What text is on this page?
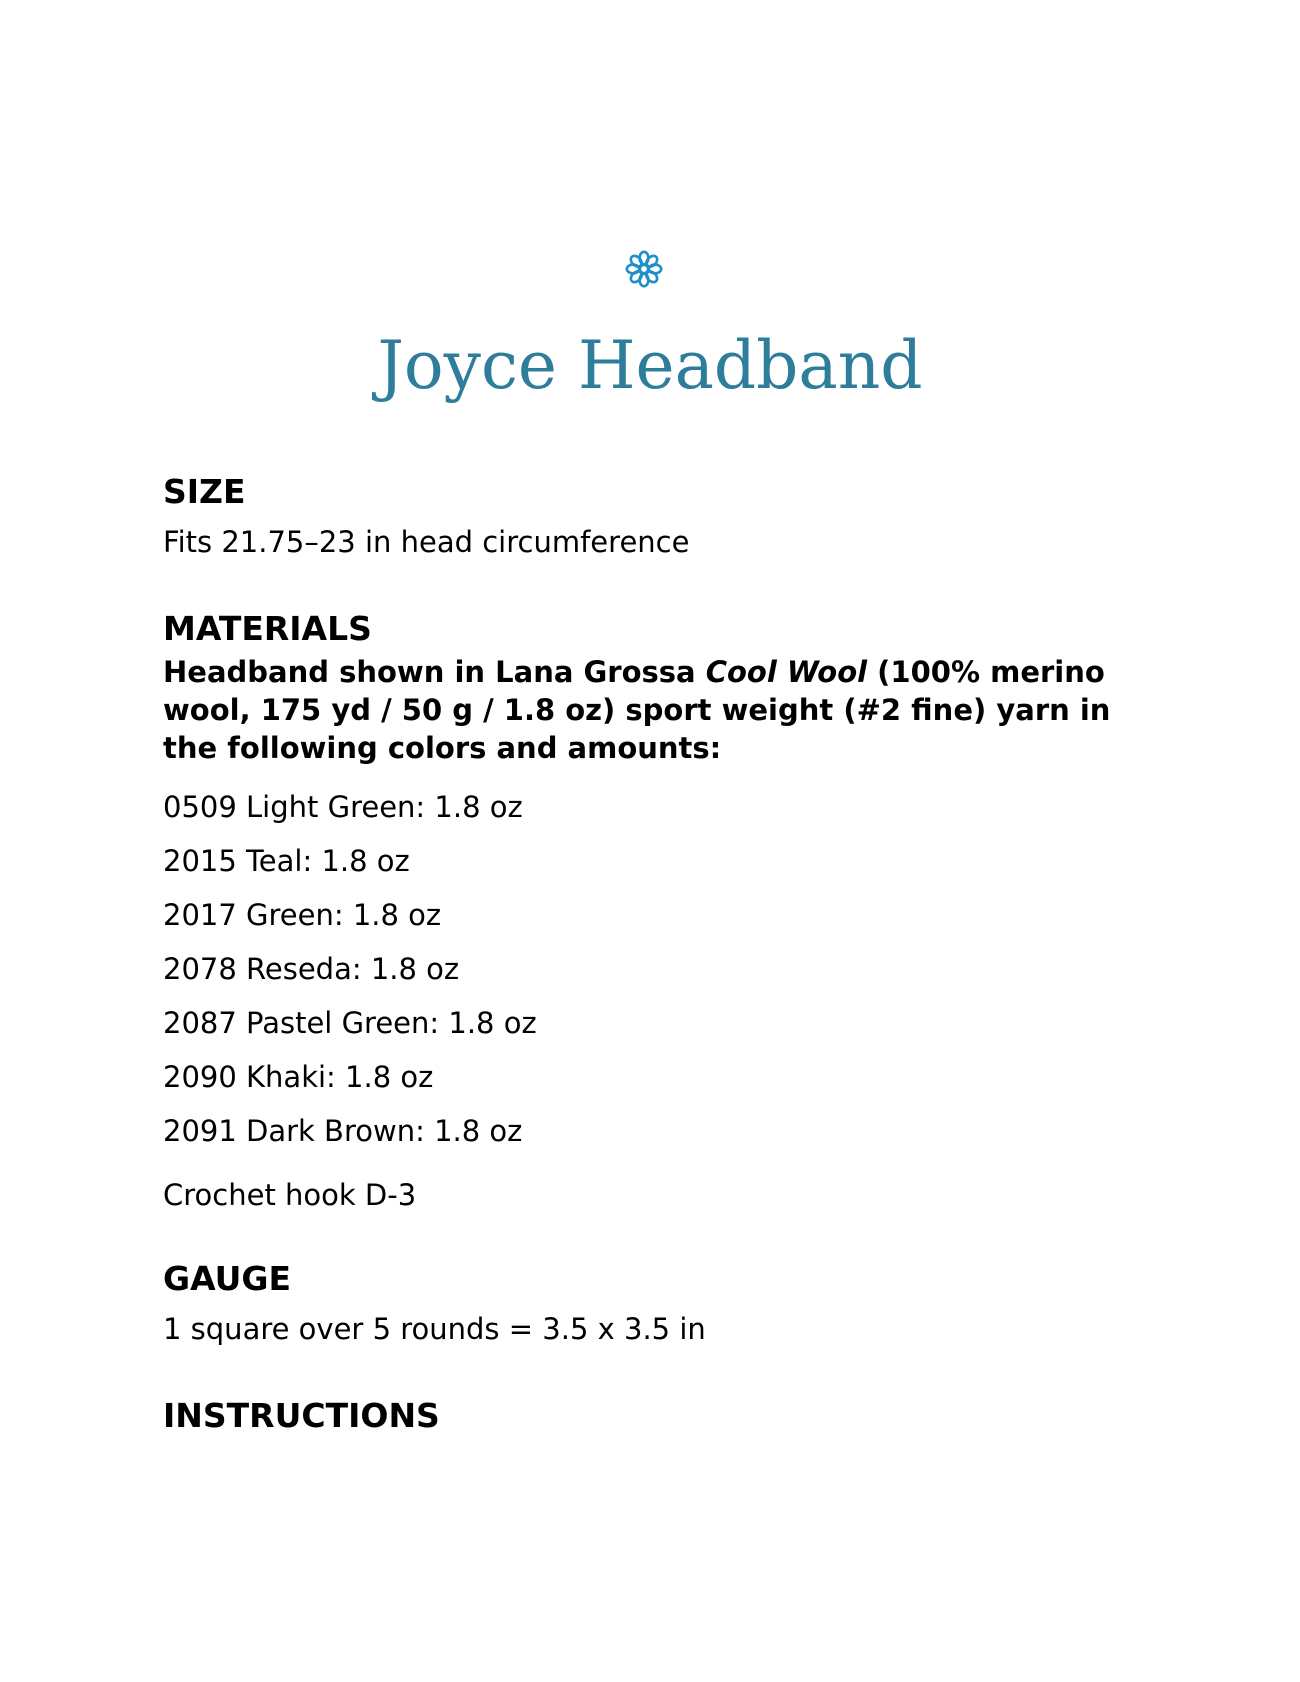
Joyce Headband
SIZE

Fits 21.75–23 in head circumference

MATERIALS

Headband shown in Lana Grossa Cool Wool (100% merino wool, 175 yd / 50 g / 1.8 oz) sport weight (#2 fine) yarn in the following colors and amounts:

0509 Light Green: 1.8 oz
2015 Teal: 1.8 oz
2017 Green: 1.8 oz
2078 Reseda: 1.8 oz
2087 Pastel Green: 1.8 oz
2090 Khaki: 1.8 oz
2091 Dark Brown: 1.8 oz

Crochet hook D-3

GAUGE

1 square over 5 rounds = 3.5 x 3.5 in

INSTRUCTIONS
